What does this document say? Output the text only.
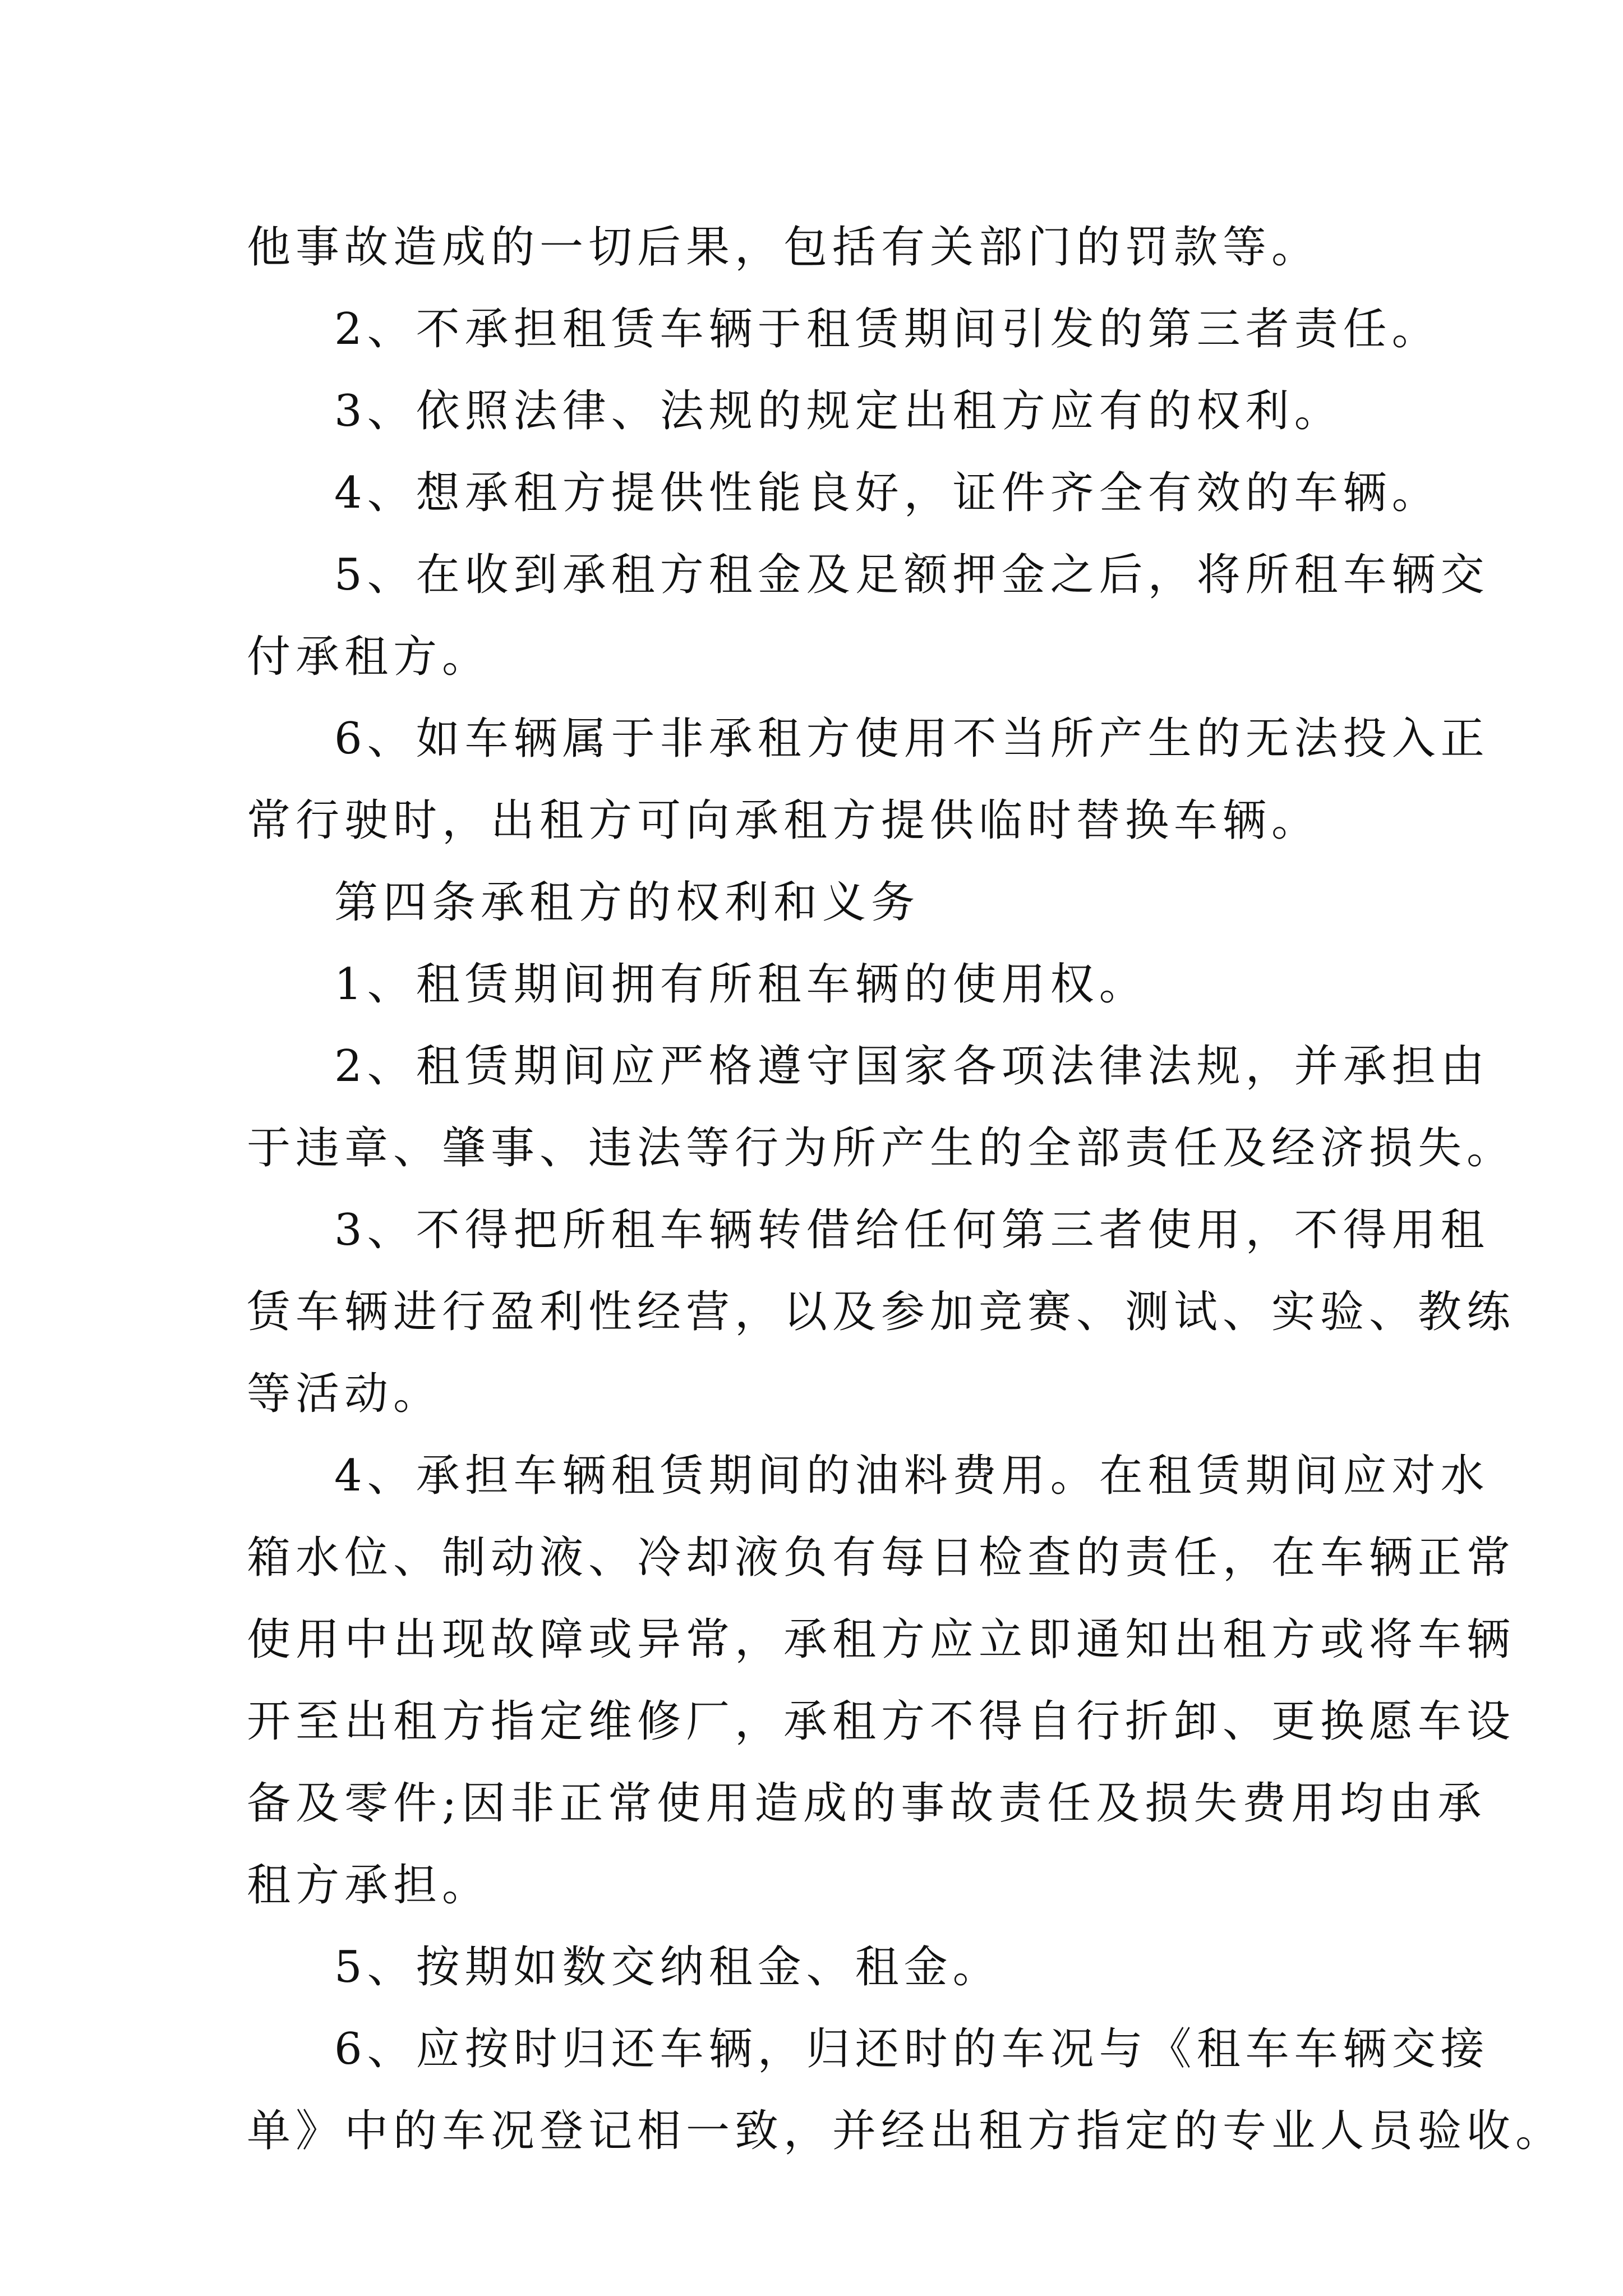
他事故造成的一切后果，包括有关部门的罚款等。

2、不承担租赁车辆于租赁期间引发的第三者责任。

3、依照法律、法规的规定出租方应有的权利。

4、想承租方提供性能良好，证件齐全有效的车辆。

5、在收到承租方租金及足额押金之后，将所租车辆交

付承租方。

6、如车辆属于非承租方使用不当所产生的无法投入正

常行驶时，出租方可向承租方提供临时替换车辆。

第四条承租方的权利和义务

1、租赁期间拥有所租车辆的使用权。

2、租赁期间应严格遵守国家各项法律法规，并承担由

于违章、肇事、违法等行为所产生的全部责任及经济损失。

3、不得把所租车辆转借给任何第三者使用，不得用租

赁车辆进行盈利性经营，以及参加竞赛、测试、实验、教练

等活动。

4、承担车辆租赁期间的油料费用。在租赁期间应对水

箱水位、制动液、冷却液负有每日检查的责任，在车辆正常

使用中出现故障或异常，承租方应立即通知出租方或将车辆

开至出租方指定维修厂，承租方不得自行折卸、更换愿车设

备及零件;因非正常使用造成的事故责任及损失费用均由承

租方承担。

5、按期如数交纳租金、租金。

6、应按时归还车辆，归还时的车况与《租车车辆交接

单》中的车况登记相一致，并经出租方指定的专业人员验收。
